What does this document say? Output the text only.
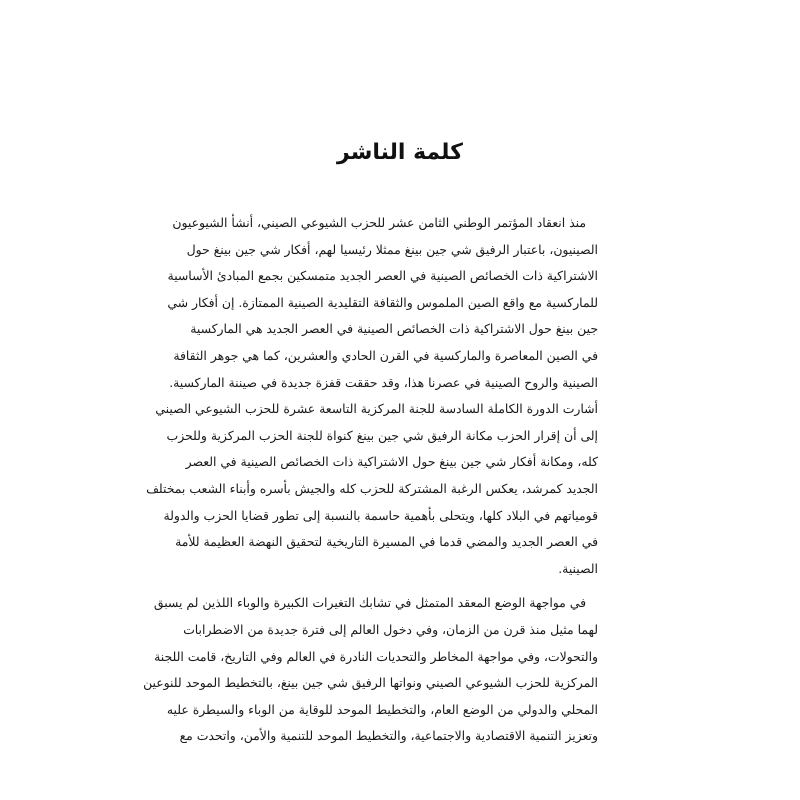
كلمة الناشر
منذ انعقاد المؤتمر الوطني الثامن عشر للحزب الشيوعي الصيني، أنشأ الشيوعيون
الصينيون، باعتبار الرفيق شي جين بينغ ممثلا رئيسيا لهم، أفكار شي جين بينغ حول
الاشتراكية ذات الخصائص الصينية في العصر الجديد متمسكين بجمع المبادئ الأساسية
للماركسية مع واقع الصين الملموس والثقافة التقليدية الصينية الممتازة. إن أفكار شي
جين بينغ حول الاشتراكية ذات الخصائص الصينية في العصر الجديد هي الماركسية
في الصين المعاصرة والماركسية في القرن الحادي والعشرين، كما هي جوهر الثقافة
الصينية والروح الصينية في عصرنا هذا، وقد حققت قفزة جديدة في صيننة الماركسية.
أشارت الدورة الكاملة السادسة للجنة المركزية التاسعة عشرة للحزب الشيوعي الصيني
إلى أن إقرار الحزب مكانة الرفيق شي جين بينغ كنواة للجنة الحزب المركزية وللحزب
كله، ومكانة أفكار شي جين بينغ حول الاشتراكية ذات الخصائص الصينية في العصر
الجديد كمرشد، يعكس الرغبة المشتركة للحزب كله والجيش بأسره وأبناء الشعب بمختلف
قومياتهم في البلاد كلها، ويتحلى بأهمية حاسمة بالنسبة إلى تطور قضايا الحزب والدولة
في العصر الجديد والمضي قدما في المسيرة التاريخية لتحقيق النهضة العظيمة للأمة
الصينية.
في مواجهة الوضع المعقد المتمثل في تشابك التغيرات الكبيرة والوباء اللذين لم يسبق
لهما مثيل منذ قرن من الزمان، وفي دخول العالم إلى فترة جديدة من الاضطرابات
والتحولات، وفي مواجهة المخاطر والتحديات النادرة في العالم وفي التاريخ، قامت اللجنة
المركزية للحزب الشيوعي الصيني ونواتها الرفيق شي جين بينغ، بالتخطيط الموحد للنوعين
المحلي والدولي من الوضع العام، والتخطيط الموحد للوقاية من الوباء والسيطرة عليه
وتعزيز التنمية الاقتصادية والاجتماعية، والتخطيط الموحد للتنمية والأمن، واتحدت مع
